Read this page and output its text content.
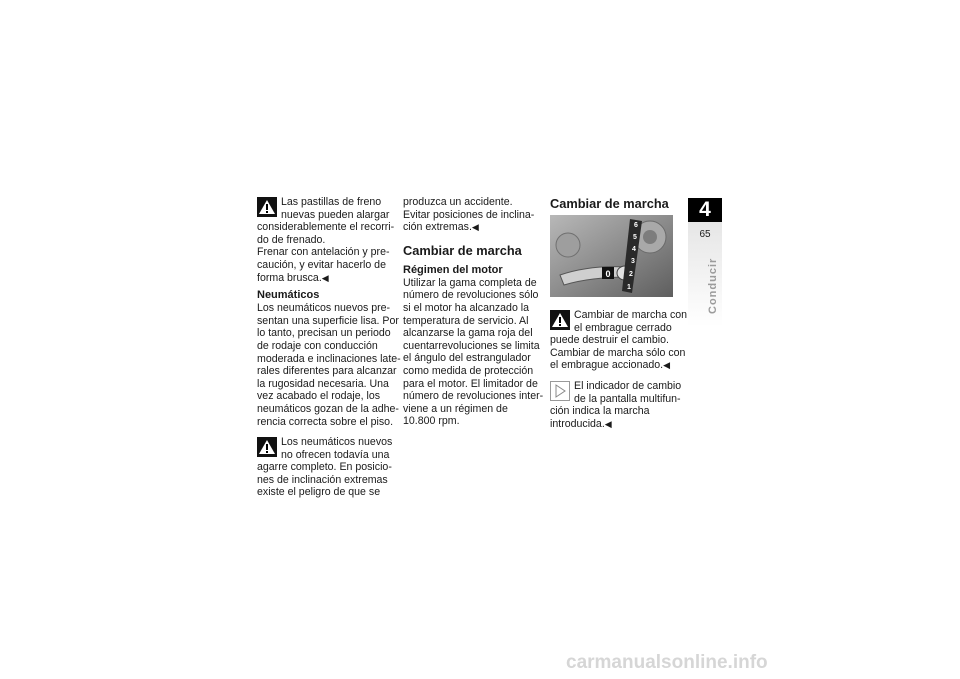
Las pastillas de freno
nuevas pueden alargar
considerablemente el recorri-
do de frenado.
Frenar con antelación y pre-
caución, y evitar hacerlo de
forma brusca.◀
Neumáticos
Los neumáticos nuevos pre-
sentan una superficie lisa. Por
lo tanto, precisan un periodo
de rodaje con conducción
moderada e inclinaciones late-
rales diferentes para alcanzar
la rugosidad necesaria. Una
vez acabado el rodaje, los
neumáticos gozan de la adhe-
rencia correcta sobre el piso.
Los neumáticos nuevos
no ofrecen todavía una
agarre completo. En posicio-
nes de inclinación extremas
existe el peligro de que se
produzca un accidente.
Evitar posiciones de inclina-
ción extremas.◀
Cambiar de marcha
Régimen del motor
Utilizar la gama completa de
número de revoluciones sólo
si el motor ha alcanzado la
temperatura de servicio. Al
alcanzarse la gama roja del
cuentarrevoluciones se limita
el ángulo del estrangulador
como medida de protección
para el motor. El limitador de
número de revoluciones inter-
viene a un régimen de
10.800 rpm.
Cambiar de marcha
0
6
5
4
3
2
1
Cambiar de marcha con
el embrague cerrado
puede destruir el cambio.
Cambiar de marcha sólo con
el embrague accionado.◀
El indicador de cambio
de la pantalla multifun-
ción indica la marcha
introducida.◀
4
65
Conducir
carmanualsonline.info
